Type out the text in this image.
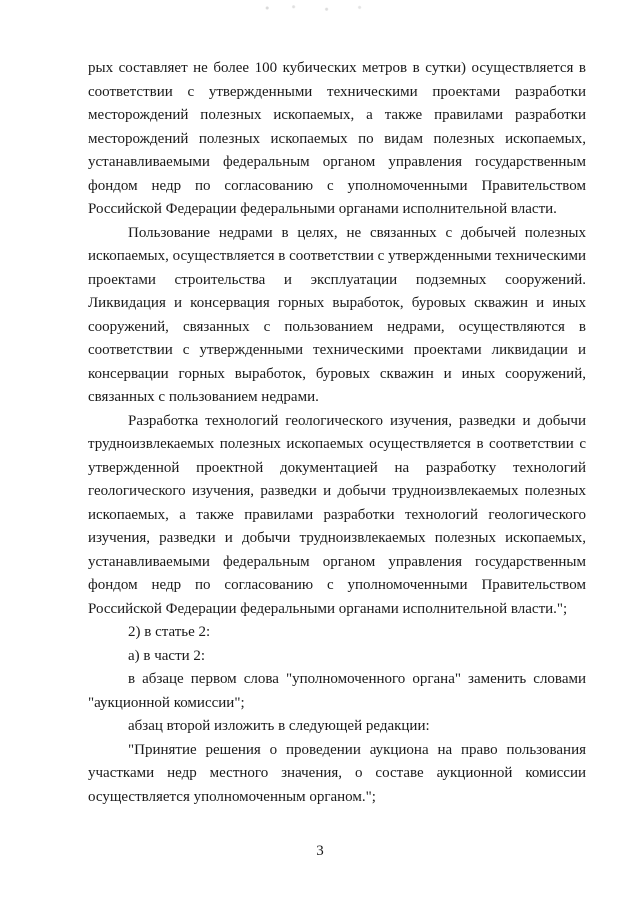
рых составляет не более 100 кубических метров в сутки) осуществляется в соответствии с утвержденными техническими проектами разработки месторождений полезных ископаемых, а также правилами разработки месторождений полезных ископаемых по видам полезных ископаемых, устанавливаемыми федеральным органом управления государственным фондом недр по согласованию с уполномоченными Правительством Российской Федерации федеральными органами исполнительной власти.

Пользование недрами в целях, не связанных с добычей полезных ископаемых, осуществляется в соответствии с утвержденными техническими проектами строительства и эксплуатации подземных сооружений. Ликвидация и консервация горных выработок, буровых скважин и иных сооружений, связанных с пользованием недрами, осуществляются в соответствии с утвержденными техническими проектами ликвидации и консервации горных выработок, буровых скважин и иных сооружений, связанных с пользованием недрами.

Разработка технологий геологического изучения, разведки и добычи трудноизвлекаемых полезных ископаемых осуществляется в соответствии с утвержденной проектной документацией на разработку технологий геологического изучения, разведки и добычи трудноизвлекаемых полезных ископаемых, а также правилами разработки технологий геологического изучения, разведки и добычи трудноизвлекаемых полезных ископаемых, устанавливаемыми федеральным органом управления государственным фондом недр по согласованию с уполномоченными Правительством Российской Федерации федеральными органами исполнительной власти.";

2) в статье 2:

а) в части 2:

в абзаце первом слова "уполномоченного органа" заменить словами "аукционной комиссии";

абзац второй изложить в следующей редакции:

"Принятие решения о проведении аукциона на право пользования участками недр местного значения, о составе аукционной комиссии осуществляется уполномоченным органом.";

3
